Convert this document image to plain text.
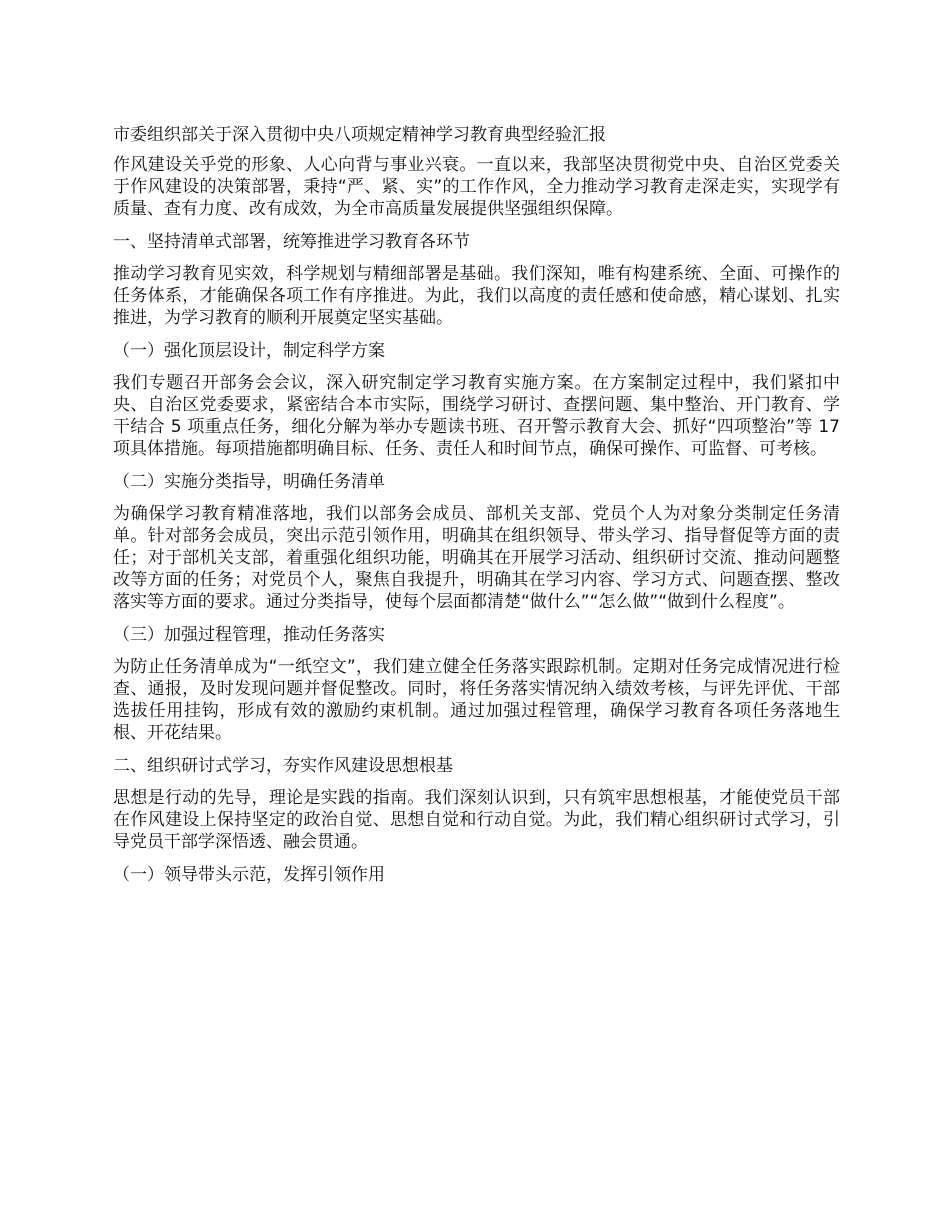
市委组织部关于深入贯彻中央八项规定精神学习教育典型经验汇报

作风建设关乎党的形象、人心向背与事业兴衰。一直以来，我部坚决贯彻党中央、自治区党委关于作风建设的决策部署，秉持“严、紧、实”的工作作风，全力推动学习教育走深走实，实现学有质量、查有力度、改有成效，为全市高质量发展提供坚强组织保障。

一、坚持清单式部署，统筹推进学习教育各环节

推动学习教育见实效，科学规划与精细部署是基础。我们深知，唯有构建系统、全面、可操作的任务体系，才能确保各项工作有序推进。为此，我们以高度的责任感和使命感，精心谋划、扎实推进，为学习教育的顺利开展奠定坚实基础。

（一）强化顶层设计，制定科学方案

我们专题召开部务会会议，深入研究制定学习教育实施方案。在方案制定过程中，我们紧扣中央、自治区党委要求，紧密结合本市实际，围绕学习研讨、查摆问题、集中整治、开门教育、学干结合 5 项重点任务，细化分解为举办专题读书班、召开警示教育大会、抓好“四项整治”等 17 项具体措施。每项措施都明确目标、任务、责任人和时间节点，确保可操作、可监督、可考核。

（二）实施分类指导，明确任务清单

为确保学习教育精准落地，我们以部务会成员、部机关支部、党员个人为对象分类制定任务清单。针对部务会成员，突出示范引领作用，明确其在组织领导、带头学习、指导督促等方面的责任；对于部机关支部，着重强化组织功能，明确其在开展学习活动、组织研讨交流、推动问题整改等方面的任务；对党员个人，聚焦自我提升，明确其在学习内容、学习方式、问题查摆、整改落实等方面的要求。通过分类指导，使每个层面都清楚“做什么”“怎么做”“做到什么程度”。

（三）加强过程管理，推动任务落实

为防止任务清单成为“一纸空文”，我们建立健全任务落实跟踪机制。定期对任务完成情况进行检查、通报，及时发现问题并督促整改。同时，将任务落实情况纳入绩效考核，与评先评优、干部选拔任用挂钩，形成有效的激励约束机制。通过加强过程管理，确保学习教育各项任务落地生根、开花结果。

二、组织研讨式学习，夯实作风建设思想根基

思想是行动的先导，理论是实践的指南。我们深刻认识到，只有筑牢思想根基，才能使党员干部在作风建设上保持坚定的政治自觉、思想自觉和行动自觉。为此，我们精心组织研讨式学习，引导党员干部学深悟透、融会贯通。

（一）领导带头示范，发挥引领作用
